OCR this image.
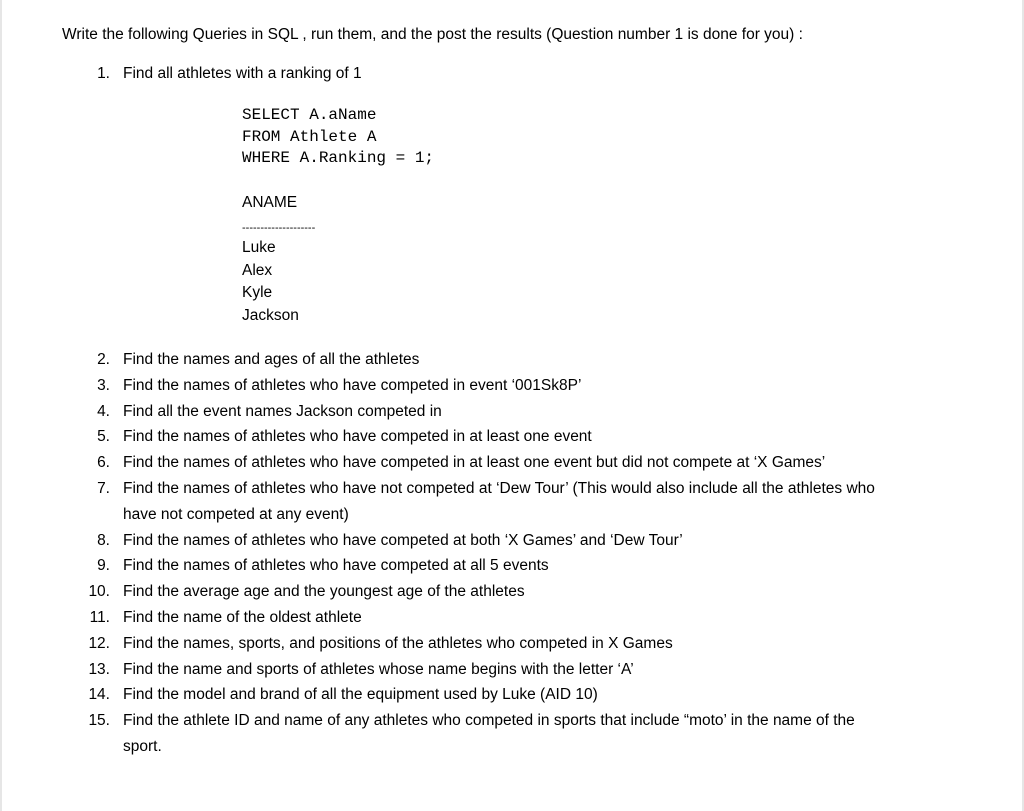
Write the following Queries in SQL , run them, and the post the results (Question number 1 is done for you) :
1. Find all athletes with a ranking of 1
SELECT A.aName
FROM Athlete A
WHERE A.Ranking = 1;
ANAME
--------------------
Luke
Alex
Kyle
Jackson
2. Find the names and ages of all the athletes
3. Find the names of athletes who have competed in event ‘001Sk8P’
4. Find all the event names Jackson competed in
5. Find the names of athletes who have competed in at least one event
6. Find the names of athletes who have competed in at least one event but did not compete at ‘X Games’
7. Find the names of athletes who have not competed at ‘Dew Tour’ (This would also include all the athletes who
have not competed at any event)
8. Find the names of athletes who have competed at both ‘X Games’ and ‘Dew Tour’
9. Find the names of athletes who have competed at all 5 events
10. Find the average age and the youngest age of the athletes
11. Find the name of the oldest athlete
12. Find the names, sports, and positions of the athletes who competed in X Games
13. Find the name and sports of athletes whose name begins with the letter ‘A’
14. Find the model and brand of all the equipment used by Luke (AID 10)
15. Find the athlete ID and name of any athletes who competed in sports that include “moto’ in the name of the
sport.
